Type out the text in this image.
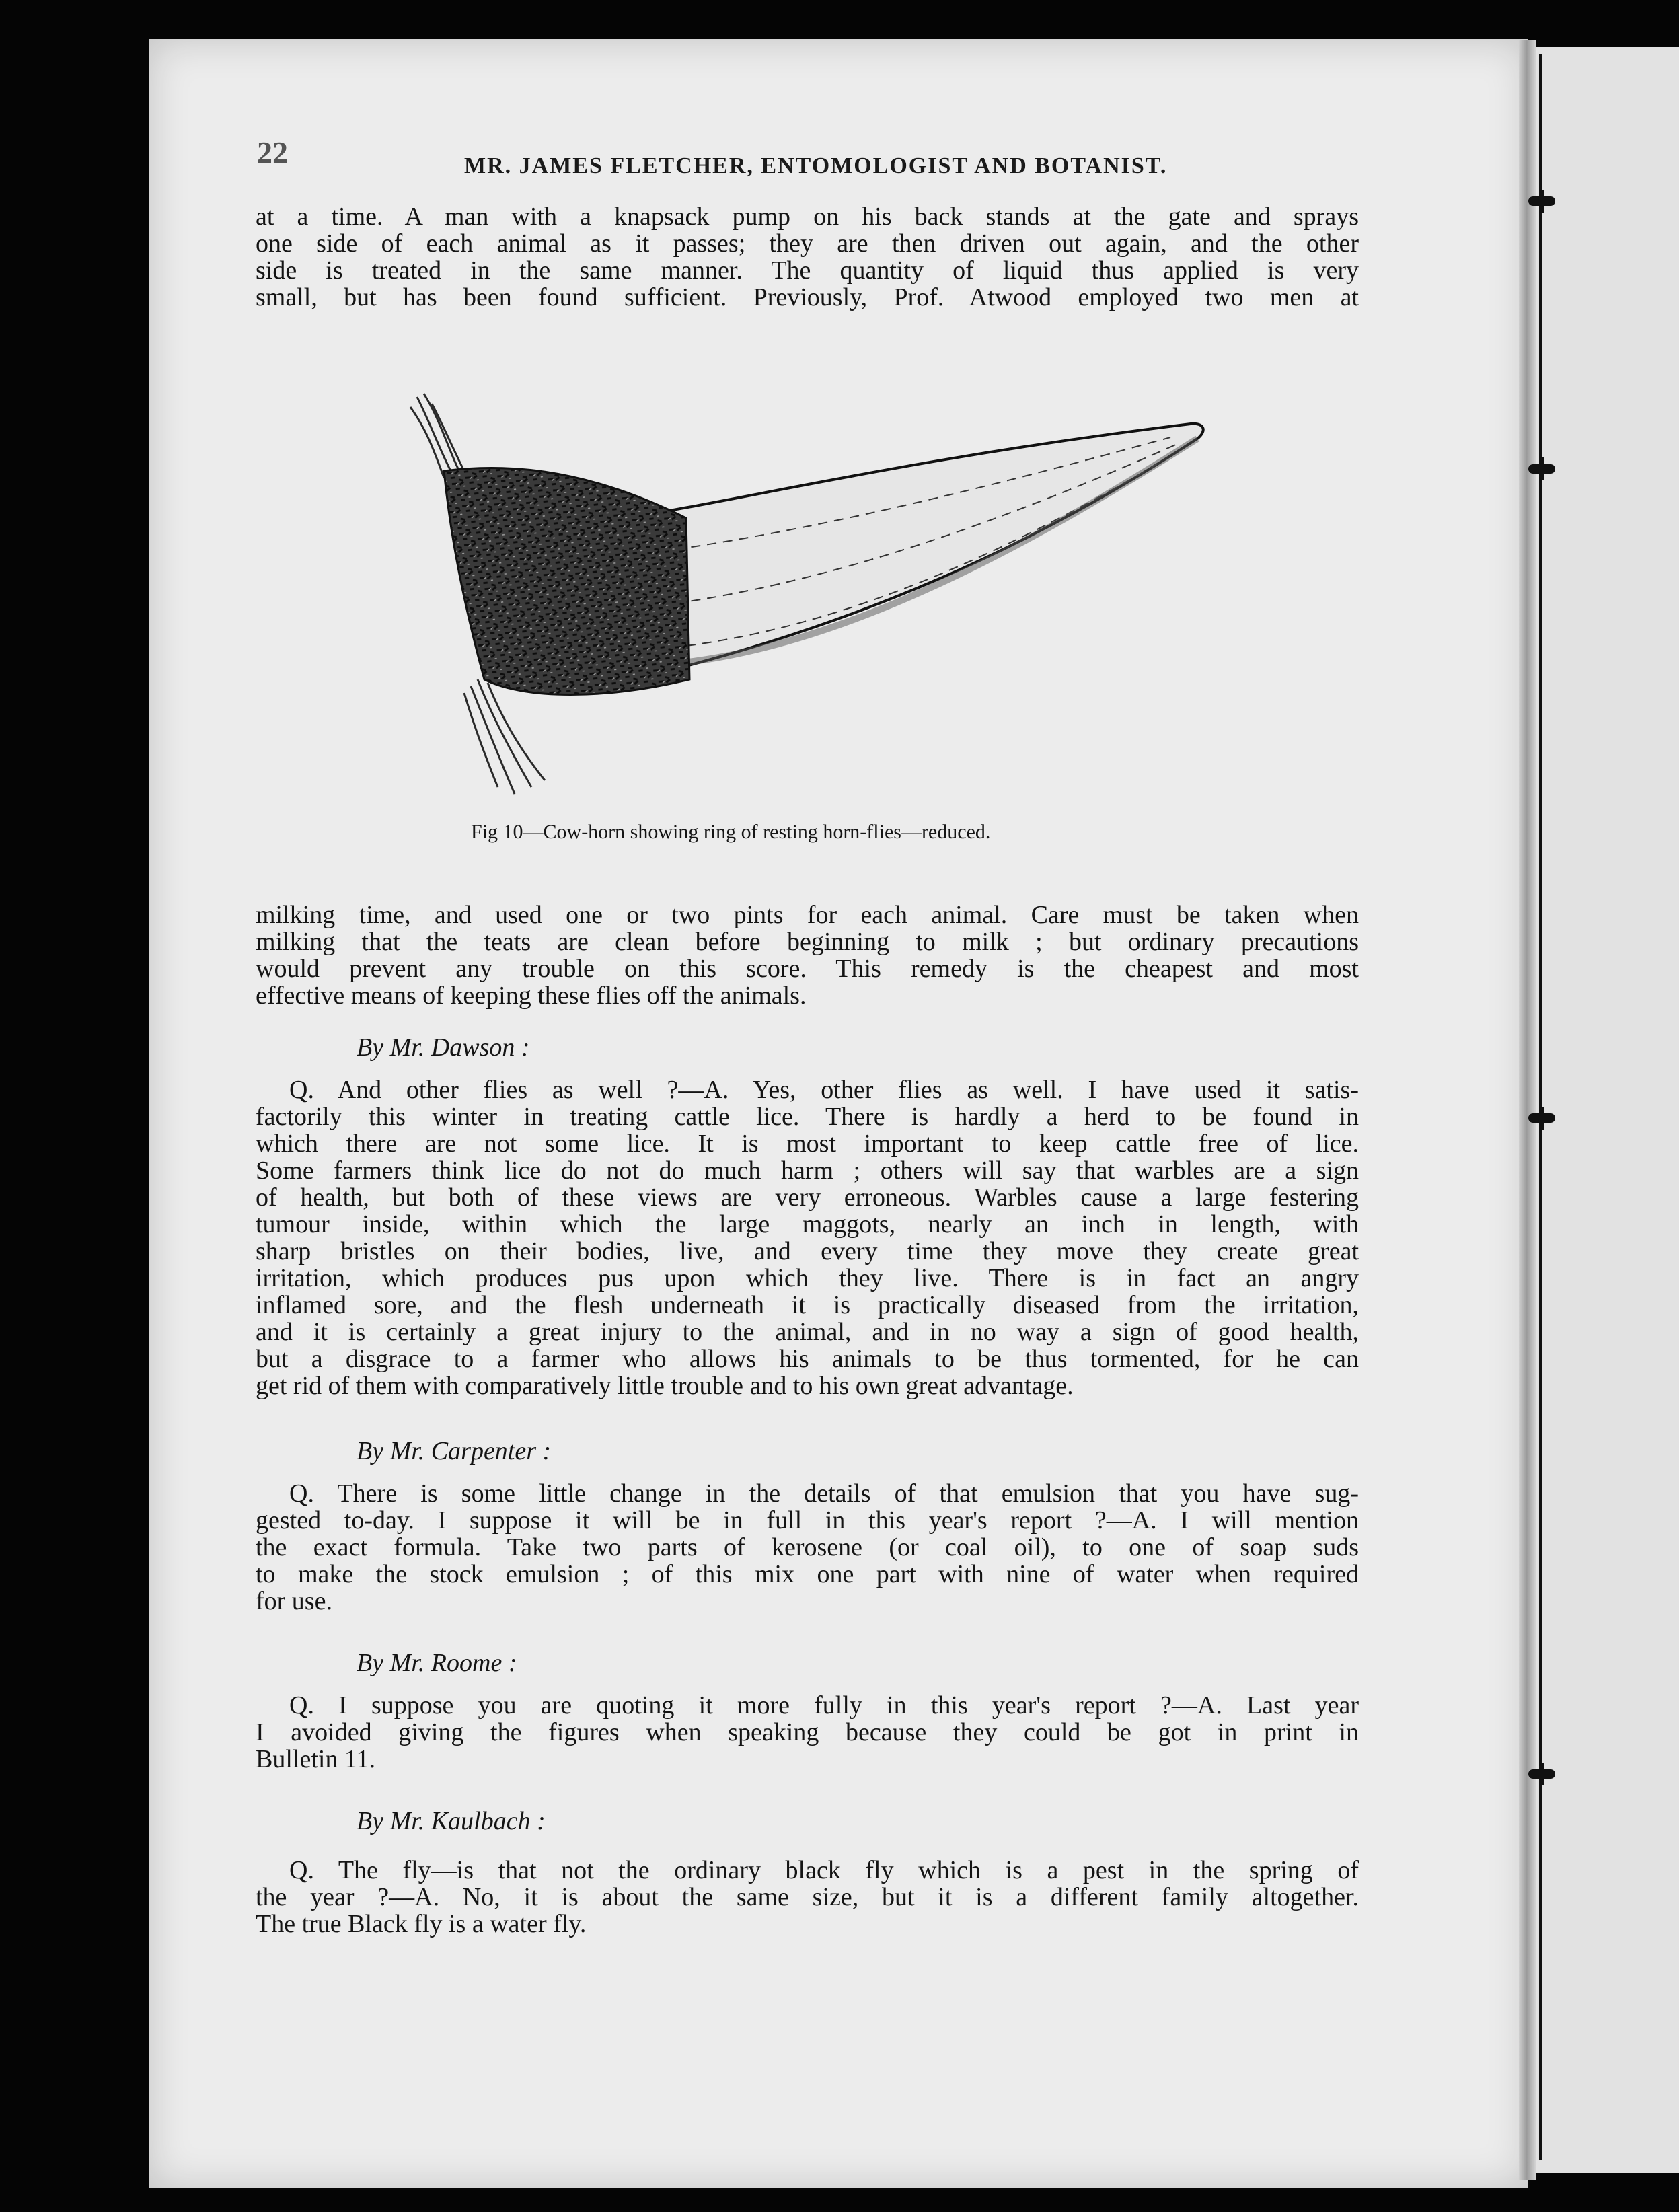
22	MR. JAMES FLETCHER, ENTOMOLOGIST AND BOTANIST.
at a time. A man with a knapsack pump on his back stands at the gate and sprays
one side of each animal as it passes; they are then driven out again, and the other
side is treated in the same manner. The quantity of liquid thus applied is very
small, but has been found sufficient. Previously, Prof. Atwood employed two men at
Fig 10—Cow-horn showing ring of resting horn-flies—reduced.
milking time, and used one or two pints for each animal. Care must be taken when
milking that the teats are clean before beginning to milk ; but ordinary precautions
would prevent any trouble on this score. This remedy is the cheapest and most
effective means of keeping these flies off the animals.
By Mr. Dawson :
Q. And other flies as well ?—A. Yes, other flies as well. I have used it satis-
factorily this winter in treating cattle lice. There is hardly a herd to be found in
which there are not some lice. It is most important to keep cattle free of lice.
Some farmers think lice do not do much harm ; others will say that warbles are a sign
of health, but both of these views are very erroneous. Warbles cause a large festering
tumour inside, within which the large maggots, nearly an inch in length, with
sharp bristles on their bodies, live, and every time they move they create great
irritation, which produces pus upon which they live. There is in fact an angry
inflamed sore, and the flesh underneath it is practically diseased from the irritation,
and it is certainly a great injury to the animal, and in no way a sign of good health,
but a disgrace to a farmer who allows his animals to be thus tormented, for he can
get rid of them with comparatively little trouble and to his own great advantage.
By Mr. Carpenter :
Q. There is some little change in the details of that emulsion that you have sug-
gested to-day. I suppose it will be in full in this year's report ?—A. I will mention
the exact formula. Take two parts of kerosene (or coal oil), to one of soap suds
to make the stock emulsion ; of this mix one part with nine of water when required
for use.
By Mr. Roome :
Q. I suppose you are quoting it more fully in this year's report ?—A. Last year
I avoided giving the figures when speaking because they could be got in print in
Bulletin 11.
By Mr. Kaulbach :
Q. The fly—is that not the ordinary black fly which is a pest in the spring of
the year ?—A. No, it is about the same size, but it is a different family altogether.
The true Black fly is a water fly.
